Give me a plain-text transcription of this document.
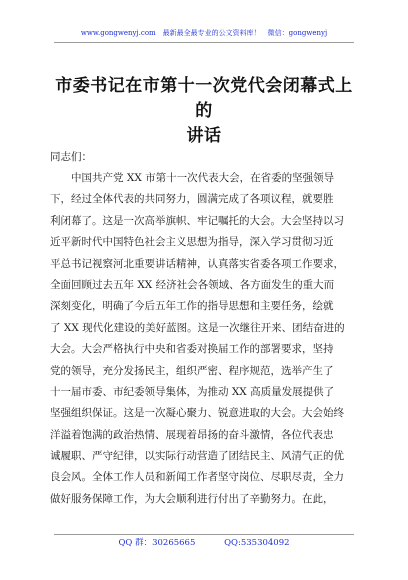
www.gongwenyj.com　最新最全最专业的公文资料库！　微信：gongwenyj
市委书记在市第十一次党代会闭幕式上的
讲话
同志们：
中国共产党 XX 市第十一次代表大会，在省委的坚强领导
下，经过全体代表的共同努力，圆满完成了各项议程，就要胜
利闭幕了。这是一次高举旗帜、牢记嘱托的大会。大会坚持以习
近平新时代中国特色社会主义思想为指导，深入学习贯彻习近
平总书记视察河北重要讲话精神，认真落实省委各项工作要求，
全面回顾过去五年 XX 经济社会各领域、各方面发生的重大而
深刻变化，明确了今后五年工作的指导思想和主要任务，绘就
了 XX 现代化建设的美好蓝图。这是一次继往开来、团结奋进的
大会。大会严格执行中央和省委对换届工作的部署要求，坚持
党的领导，充分发扬民主，组织严密、程序规范，选举产生了
十一届市委、市纪委领导集体，为推动 XX 高质量发展提供了
坚强组织保证。这是一次凝心聚力、锐意进取的大会。大会始终
洋溢着饱满的政治热情、展现着昂扬的奋斗激情，各位代表忠
诚履职、严守纪律，以实际行动营造了团结民主、风清气正的优
良会风。全体工作人员和新闻工作者坚守岗位、尽职尽责，全力
做好服务保障工作，为大会顺利进行付出了辛勤努力。在此，
QQ 群：30265665	QQ:535304092
